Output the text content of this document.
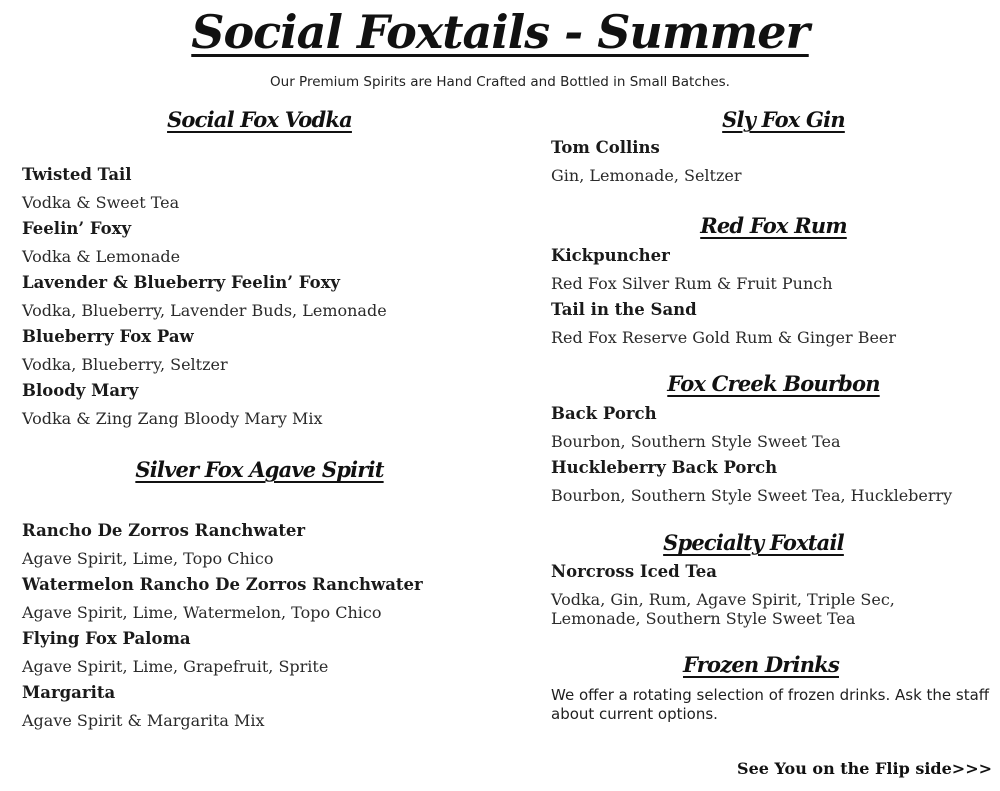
Social Foxtails - Summer
Our Premium Spirits are Hand Crafted and Bottled in Small Batches.
Social Fox Vodka
Twisted Tail
Vodka & Sweet Tea
Feelin’ Foxy
Vodka & Lemonade
Lavender & Blueberry Feelin’ Foxy
Vodka, Blueberry, Lavender Buds, Lemonade
Blueberry Fox Paw
Vodka, Blueberry, Seltzer
Bloody Mary
Vodka & Zing Zang Bloody Mary Mix
Silver Fox Agave Spirit
Rancho De Zorros Ranchwater
Agave Spirit, Lime, Topo Chico
Watermelon Rancho De Zorros Ranchwater
Agave Spirit, Lime, Watermelon, Topo Chico
Flying Fox Paloma
Agave Spirit, Lime, Grapefruit, Sprite
Margarita
Agave Spirit & Margarita Mix
Sly Fox Gin
Tom Collins
Gin, Lemonade, Seltzer
Red Fox Rum
Kickpuncher
Red Fox Silver Rum & Fruit Punch
Tail in the Sand
Red Fox Reserve Gold Rum & Ginger Beer
Fox Creek Bourbon
Back Porch
Bourbon, Southern Style Sweet Tea
Huckleberry Back Porch
Bourbon, Southern Style Sweet Tea, Huckleberry
Specialty Foxtail
Norcross Iced Tea
Vodka, Gin, Rum, Agave Spirit, Triple Sec, Lemonade, Southern Style Sweet Tea
Frozen Drinks
We offer a rotating selection of frozen drinks. Ask the staff about current options.
See You on the Flip side>>>
